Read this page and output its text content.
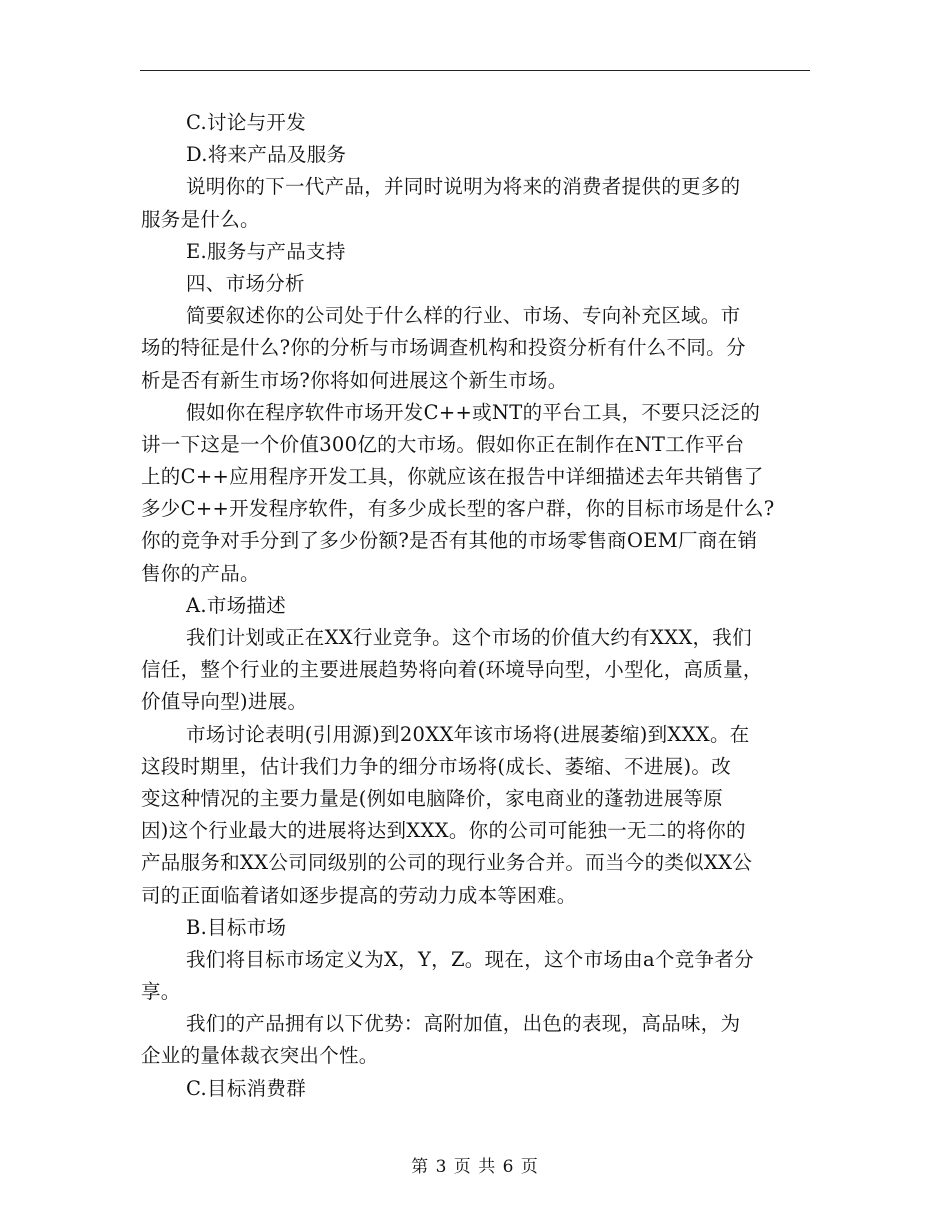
C.讨论与开发
D.将来产品及服务
说明你的下一代产品，并同时说明为将来的消费者提供的更多的
服务是什么。
E.服务与产品支持
四、市场分析
简要叙述你的公司处于什么样的行业、市场、专向补充区域。市
场的特征是什么?你的分析与市场调查机构和投资分析有什么不同。分
析是否有新生市场?你将如何进展这个新生市场。
假如你在程序软件市场开发C++或NT的平台工具，不要只泛泛的
讲一下这是一个价值300亿的大市场。假如你正在制作在NT工作平台
上的C++应用程序开发工具，你就应该在报告中详细描述去年共销售了
多少C++开发程序软件，有多少成长型的客户群，你的目标市场是什么?
你的竞争对手分到了多少份额?是否有其他的市场零售商OEM厂商在销
售你的产品。
A.市场描述
我们计划或正在XX行业竞争。这个市场的价值大约有XXX，我们
信任，整个行业的主要进展趋势将向着(环境导向型，小型化，高质量，
价值导向型)进展。
市场讨论表明(引用源)到20XX年该市场将(进展萎缩)到XXX。在
这段时期里，估计我们力争的细分市场将(成长、萎缩、不进展)。改
变这种情况的主要力量是(例如电脑降价，家电商业的蓬勃进展等原
因)这个行业最大的进展将达到XXX。你的公司可能独一无二的将你的
产品服务和XX公司同级别的公司的现行业务合并。而当今的类似XX公
司的正面临着诸如逐步提高的劳动力成本等困难。
B.目标市场
我们将目标市场定义为X，Y，Z。现在，这个市场由a个竞争者分
享。
我们的产品拥有以下优势：高附加值，出色的表现，高品味，为
企业的量体裁衣突出个性。
C.目标消费群
第 3 页 共 6 页
